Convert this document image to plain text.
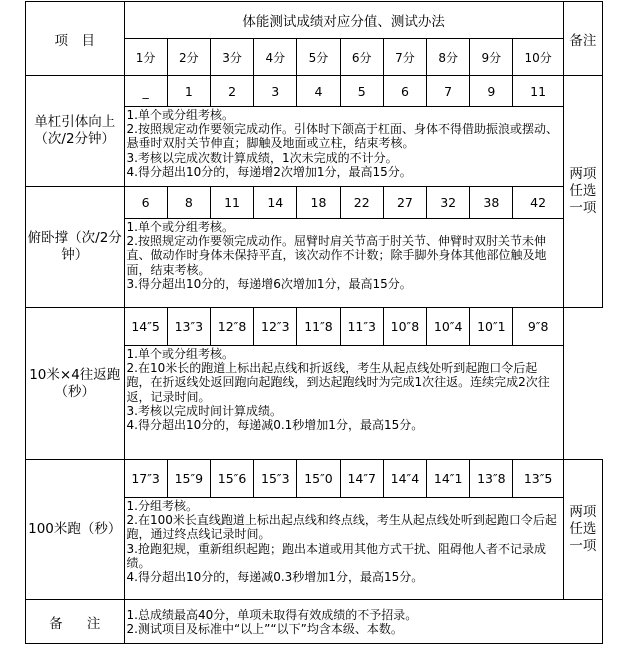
项　目	体能测试成绩对应分值、测试办法										备注
	1分	2分	3分	4分	5分	6分	7分	8分	9分	10分	
单杠引体向上（次/2分钟）	_	1	2	3	4	5	6	7	9	11	两项任选一项

	1.单个或分组考核。
2.按照规定动作要领完成动作。引体时下颌高于杠面、身体不得借助振浪或摆动、悬垂时双肘关节伸直；脚触及地面或立柱，结束考核。
3.考核以完成次数计算成绩，1次未完成的不计分。
4.得分超出10分的，每递增2次增加1分，最高15分。										

俯卧撑（次/2分钟）	6	8	11	14	18	22	27	32	38	42	

	1.单个或分组考核。
2.按照规定动作要领完成动作。屈臂时肩关节高于肘关节、伸臂时双肘关节未伸直、做动作时身体未保持平直，该次动作不计数；除手脚外身体其他部位触及地面，结束考核。
3.得分超出10分的，每递增6次增加1分，最高15分。										

10米×4往返跑（秒）	14″5	13″3	12″8	12″3	11″8	11″3	10″8	10″4	10″1	9″8	

	1.单个或分组考核。
2.在10米长的跑道上标出起点线和折返线，考生从起点线处听到起跑口令后起跑，在折返线处返回跑向起跑线，到达起跑线时为完成1次往返。连续完成2次往返，记录时间。
3.考核以完成时间计算成绩。
4.得分超出10分的，每递减0.1秒增加1分，最高15分。										

100米跑（秒）	17″3	15″9	15″6	15″3	15″0	14″7	14″4	14″1	13″8	13″5	两项任选一项

	1.分组考核。
2.在100米长直线跑道上标出起点线和终点线，考生从起点线处听到起跑口令后起跑，通过终点线记录时间。
3.抢跑犯规，重新组织起跑；跑出本道或用其他方式干扰、阻碍他人者不记录成绩。
4.得分超出10分的，每递减0.3秒增加1分，最高15分。										

备 注	1.总成绩最高40分，单项未取得有效成绩的不予招录。
2.测试项目及标准中“以上”“以下”均含本级、本数。										
